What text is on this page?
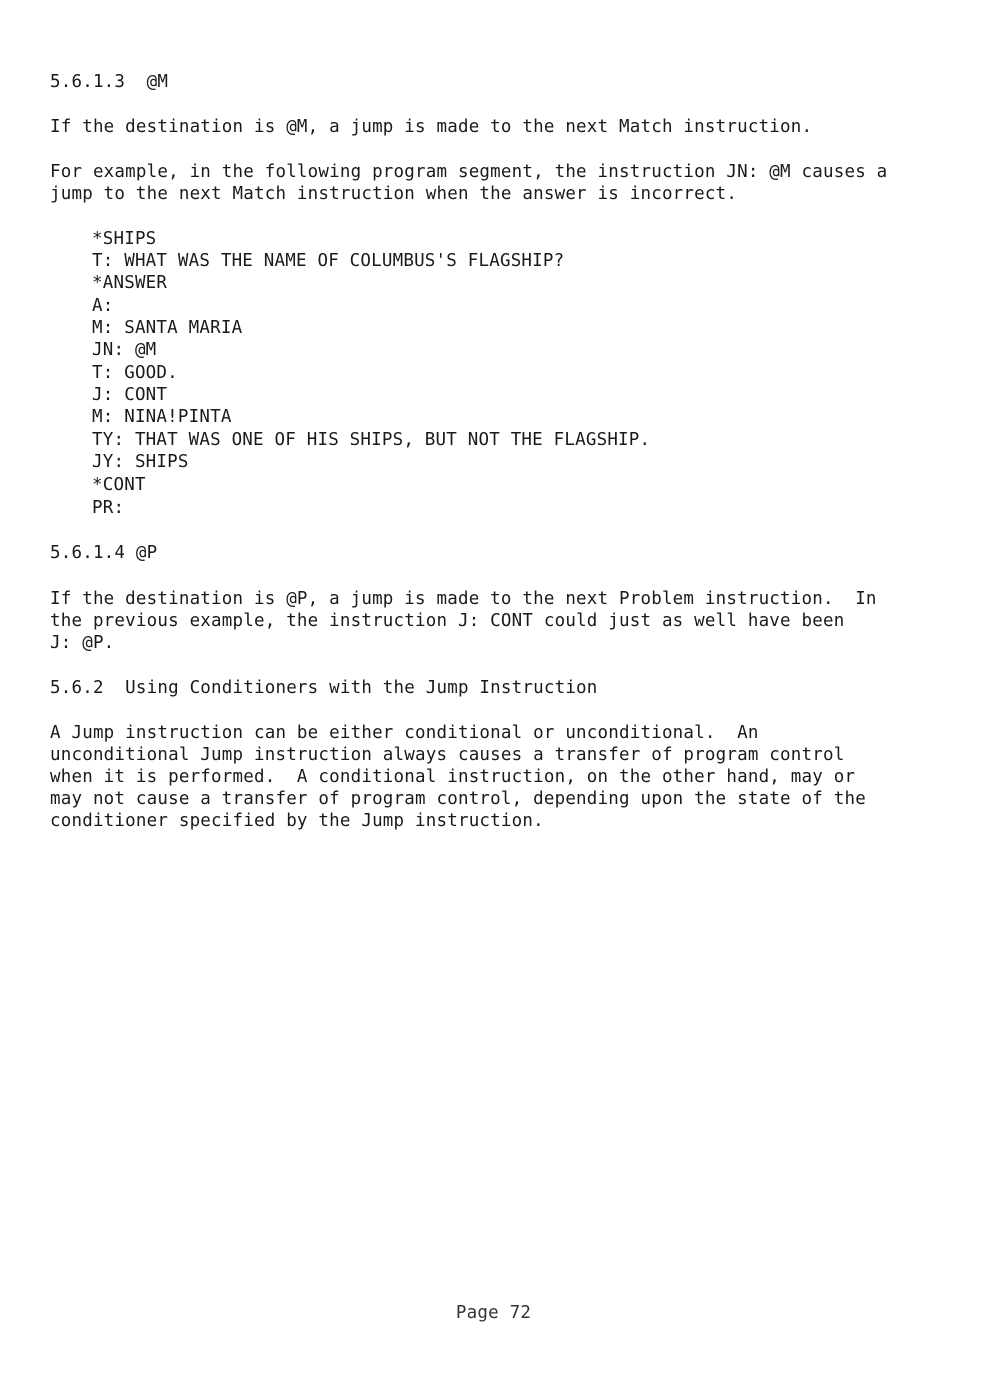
5.6.1.3  @M
If the destination is @M, a jump is made to the next Match instruction.
For example, in the following program segment, the instruction JN: @M causes a
jump to the next Match instruction when the answer is incorrect.
*SHIPS
T: WHAT WAS THE NAME OF COLUMBUS'S FLAGSHIP?
*ANSWER
A:
M: SANTA MARIA
JN: @M
T: GOOD.
J: CONT
M: NINA!PINTA
TY: THAT WAS ONE OF HIS SHIPS, BUT NOT THE FLAGSHIP.
JY: SHIPS
*CONT
PR:
5.6.1.4 @P
If the destination is @P, a jump is made to the next Problem instruction.  In
the previous example, the instruction J: CONT could just as well have been
J: @P.
5.6.2  Using Conditioners with the Jump Instruction
A Jump instruction can be either conditional or unconditional.  An
unconditional Jump instruction always causes a transfer of program control
when it is performed.  A conditional instruction, on the other hand, may or
may not cause a transfer of program control, depending upon the state of the
conditioner specified by the Jump instruction.
Page 72
